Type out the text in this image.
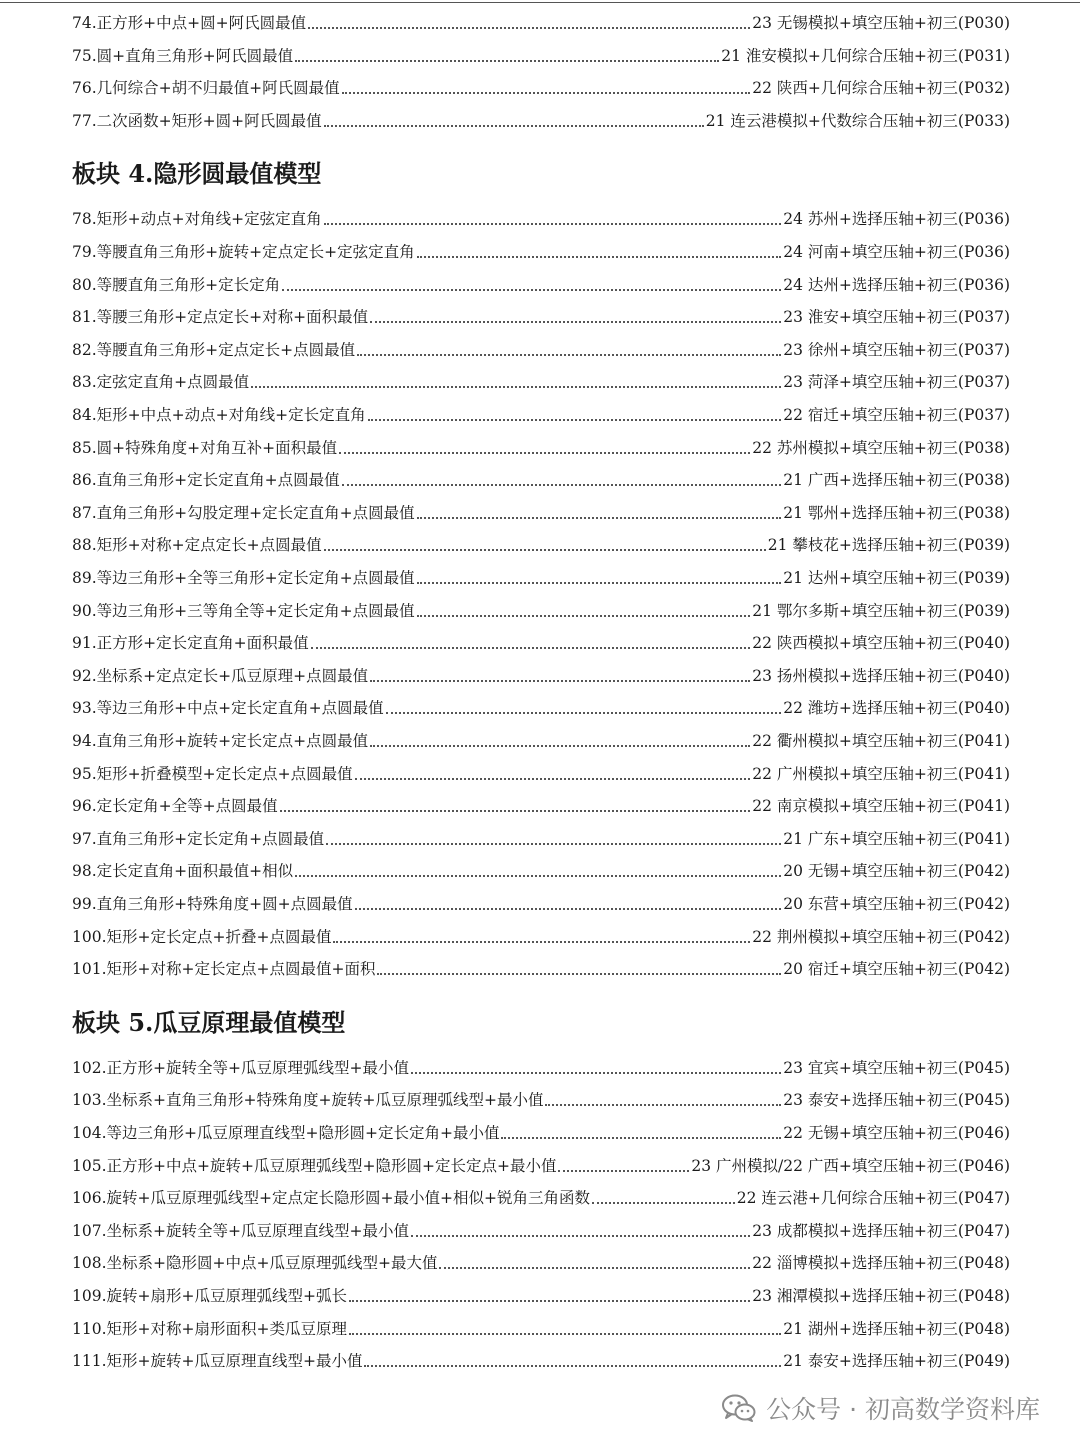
74. 正方形+中点+圆+阿氏圆最值	23 无锡模拟+填空压轴+初三(P030)
75. 圆+直角三角形+阿氏圆最值	21 淮安模拟+几何综合压轴+初三(P031)
76. 几何综合+胡不归最值+阿氏圆最值	22 陕西+几何综合压轴+初三(P032)
77. 二次函数+矩形+圆+阿氏圆最值	21 连云港模拟+代数综合压轴+初三(P033)
板块 4.隐形圆最值模型
78. 矩形+动点+对角线+定弦定直角	24 苏州+选择压轴+初三(P036)
79. 等腰直角三角形+旋转+定点定长+定弦定直角	24 河南+填空压轴+初三(P036)
80. 等腰直角三角形+定长定角	24 达州+选择压轴+初三(P036)
81. 等腰三角形+定点定长+对称+面积最值	23 淮安+填空压轴+初三(P037)
82. 等腰直角三角形+定点定长+点圆最值	23 徐州+填空压轴+初三(P037)
83. 定弦定直角+点圆最值	23 菏泽+填空压轴+初三(P037)
84. 矩形+中点+动点+对角线+定长定直角	22 宿迁+填空压轴+初三(P037)
85. 圆+特殊角度+对角互补+面积最值	22 苏州模拟+填空压轴+初三(P038)
86. 直角三角形+定长定直角+点圆最值	21 广西+选择压轴+初三(P038)
87. 直角三角形+勾股定理+定长定直角+点圆最值	21 鄂州+选择压轴+初三(P038)
88. 矩形+对称+定点定长+点圆最值	21 攀枝花+选择压轴+初三(P039)
89. 等边三角形+全等三角形+定长定角+点圆最值	21 达州+填空压轴+初三(P039)
90. 等边三角形+三等角全等+定长定角+点圆最值	21 鄂尔多斯+填空压轴+初三(P039)
91. 正方形+定长定直角+面积最值	22 陕西模拟+填空压轴+初三(P040)
92. 坐标系+定点定长+瓜豆原理+点圆最值	23 扬州模拟+选择压轴+初三(P040)
93. 等边三角形+中点+定长定直角+点圆最值	22 潍坊+选择压轴+初三(P040)
94. 直角三角形+旋转+定长定点+点圆最值	22 衢州模拟+填空压轴+初三(P041)
95. 矩形+折叠模型+定长定点+点圆最值	22 广州模拟+填空压轴+初三(P041)
96. 定长定角+全等+点圆最值	22 南京模拟+填空压轴+初三(P041)
97. 直角三角形+定长定角+点圆最值	21 广东+填空压轴+初三(P041)
98. 定长定直角+面积最值+相似	20 无锡+填空压轴+初三(P042)
99. 直角三角形+特殊角度+圆+点圆最值	20 东营+填空压轴+初三(P042)
100. 矩形+定长定点+折叠+点圆最值	22 荆州模拟+填空压轴+初三(P042)
101. 矩形+对称+定长定点+点圆最值+面积	20 宿迁+填空压轴+初三(P042)
板块 5.瓜豆原理最值模型
102. 正方形+旋转全等+瓜豆原理弧线型+最小值	23 宜宾+填空压轴+初三(P045)
103. 坐标系+直角三角形+特殊角度+旋转+瓜豆原理弧线型+最小值	23 泰安+选择压轴+初三(P045)
104. 等边三角形+瓜豆原理直线型+隐形圆+定长定角+最小值	22 无锡+填空压轴+初三(P046)
105. 正方形+中点+旋转+瓜豆原理弧线型+隐形圆+定长定点+最小值	23 广州模拟/22 广西+填空压轴+初三(P046)
106. 旋转+瓜豆原理弧线型+定点定长隐形圆+最小值+相似+锐角三角函数	22 连云港+几何综合压轴+初三(P047)
107. 坐标系+旋转全等+瓜豆原理直线型+最小值	23 成都模拟+选择压轴+初三(P047)
108. 坐标系+隐形圆+中点+瓜豆原理弧线型+最大值	22 淄博模拟+选择压轴+初三(P048)
109. 旋转+扇形+瓜豆原理弧线型+弧长	23 湘潭模拟+选择压轴+初三(P048)
110. 矩形+对称+扇形面积+类瓜豆原理	21 湖州+选择压轴+初三(P048)
111. 矩形+旋转+瓜豆原理直线型+最小值	21 泰安+选择压轴+初三(P049)
公众号 · 初高数学资料库
